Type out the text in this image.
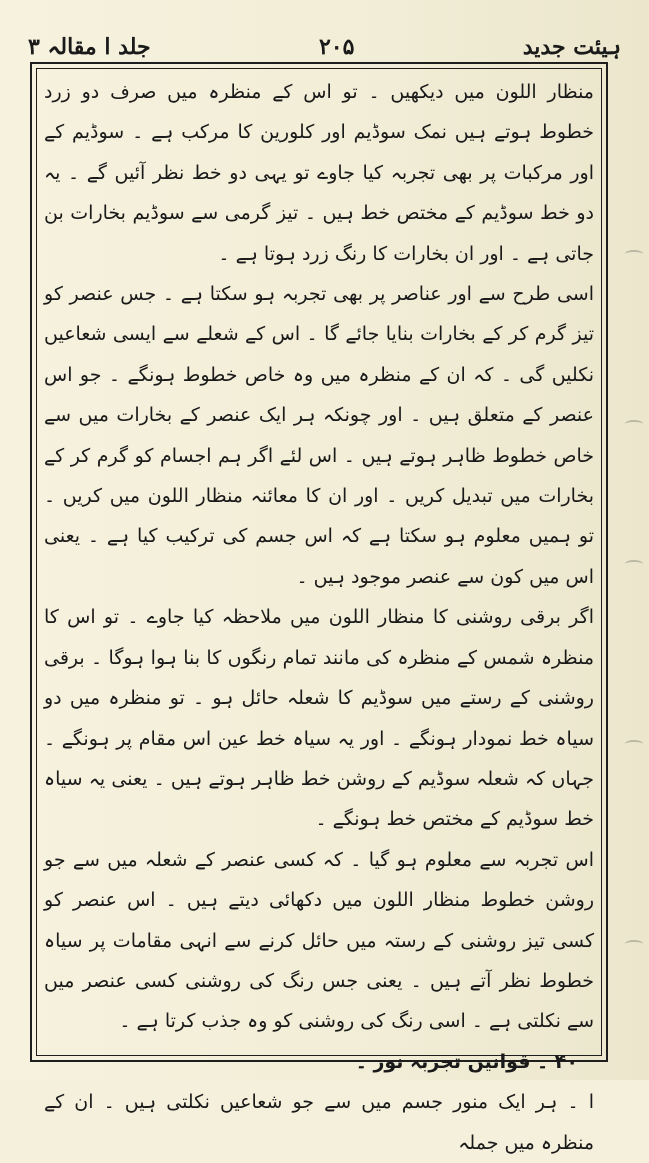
ہیئت جدید
۲۰۵
جلد ا مقالہ ۳

منظار اللون میں دیکھیں ۔ تو اس کے منظرہ میں صرف دو زرد خطوط ہوتے ہیں نمک سوڈیم اور کلورین کا مرکب ہے ۔ سوڈیم کے اور مرکبات پر بھی تجربہ کیا جاوے تو یہی دو خط نظر آئیں گے ۔ یہ دو خط سوڈیم کے مختص خط ہیں ۔ تیز گرمی سے سوڈیم بخارات بن جاتی ہے ۔ اور ان بخارات کا رنگ زرد ہوتا ہے ۔

اسی طرح سے اور عناصر پر بھی تجربہ ہو سکتا ہے ۔ جس عنصر کو تیز گرم کر کے بخارات بنایا جائے گا ۔ اس کے شعلے سے ایسی شعاعیں نکلیں گی ۔ کہ ان کے منظرہ میں وہ خاص خطوط ہونگے ۔ جو اس عنصر کے متعلق ہیں ۔ اور چونکہ ہر ایک عنصر کے بخارات میں سے خاص خطوط ظاہر ہوتے ہیں ۔ اس لئے اگر ہم اجسام کو گرم کر کے بخارات میں تبدیل کریں ۔ اور ان کا معائنہ منظار اللون میں کریں ۔ تو ہمیں معلوم ہو سکتا ہے کہ اس جسم کی ترکیب کیا ہے ۔ یعنی اس میں کون سے عنصر موجود ہیں ۔

اگر برقی روشنی کا منظار اللون میں ملاحظہ کیا جاوے ۔ تو اس کا منظرہ شمس کے منظرہ کی مانند تمام رنگوں کا بنا ہوا ہوگا ۔ برقی روشنی کے رستے میں سوڈیم کا شعلہ حائل ہو ۔ تو منظرہ میں دو سیاہ خط نمودار ہونگے ۔ اور یہ سیاہ خط عین اس مقام پر ہونگے ۔ جہاں کہ شعلہ سوڈیم کے روشن خط ظاہر ہوتے ہیں ۔ یعنی یہ سیاہ خط سوڈیم کے مختص خط ہونگے ۔

اس تجربہ سے معلوم ہو گیا ۔ کہ کسی عنصر کے شعلہ میں سے جو روشن خطوط منظار اللون میں دکھائی دیتے ہیں ۔ اس عنصر کو کسی تیز روشنی کے رستہ میں حائل کرنے سے انہی مقامات پر سیاہ خطوط نظر آتے ہیں ۔ یعنی جس رنگ کی روشنی کسی عنصر میں سے نکلتی ہے ۔ اسی رنگ کی روشنی کو وہ جذب کرتا ہے ۔

۴۰ ۔ قوانین تجربہ نور ۔

ا ۔ ہر ایک منور جسم میں سے جو شعاعیں نکلتی ہیں ۔ ان کے منظرہ میں جملہ
